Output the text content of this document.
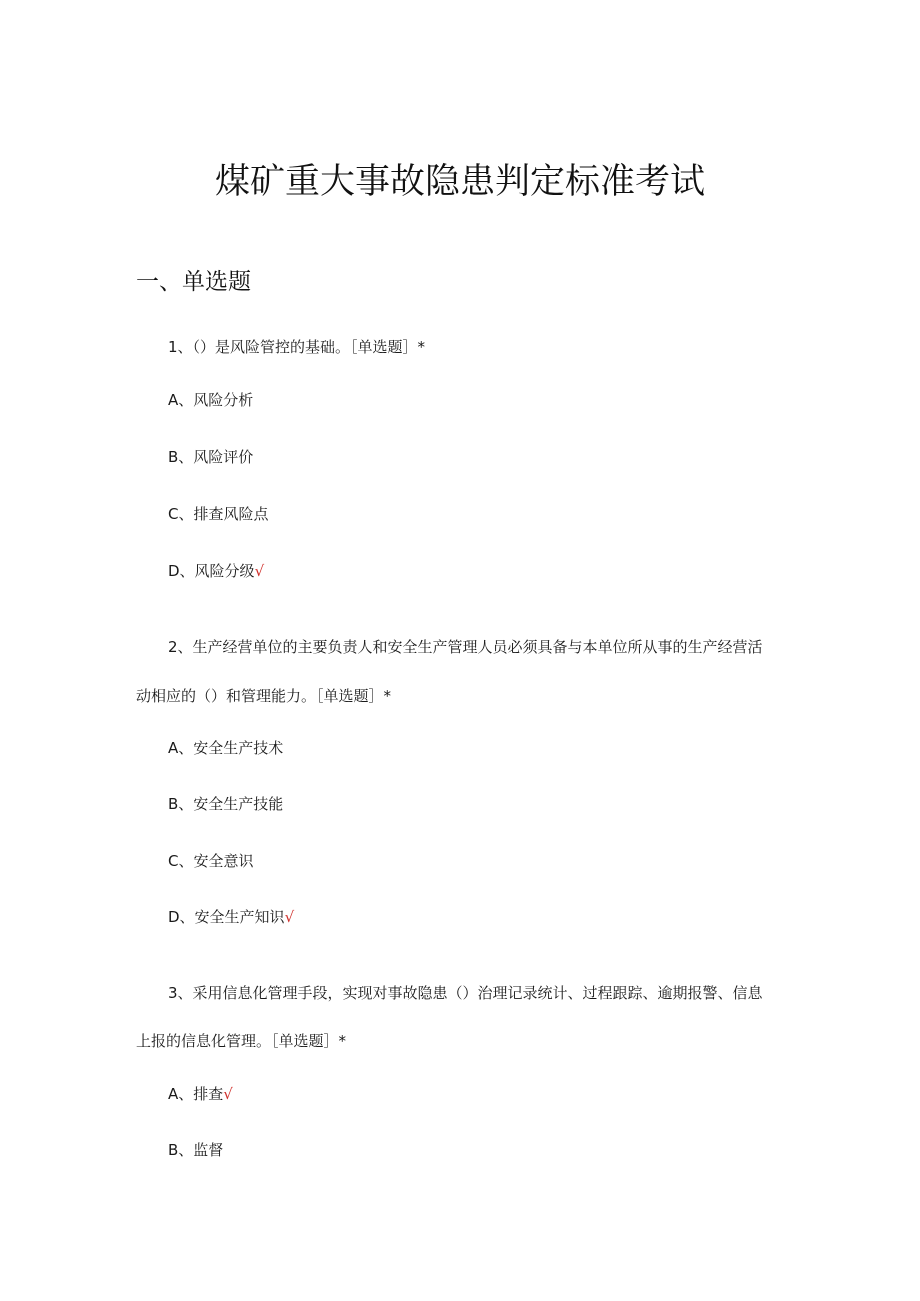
煤矿重大事故隐患判定标准考试
一、单选题
1、（）是风险管控的基础。［单选题］*
A、风险分析
B、风险评价
C、排查风险点
D、风险分级√
2、生产经营单位的主要负责人和安全生产管理人员必须具备与本单位所从事的生产经营活
动相应的（）和管理能力。［单选题］*
A、安全生产技术
B、安全生产技能
C、安全意识
D、安全生产知识√
3、采用信息化管理手段，实现对事故隐患（）治理记录统计、过程跟踪、逾期报警、信息
上报的信息化管理。［单选题］*
A、排查√
B、监督
